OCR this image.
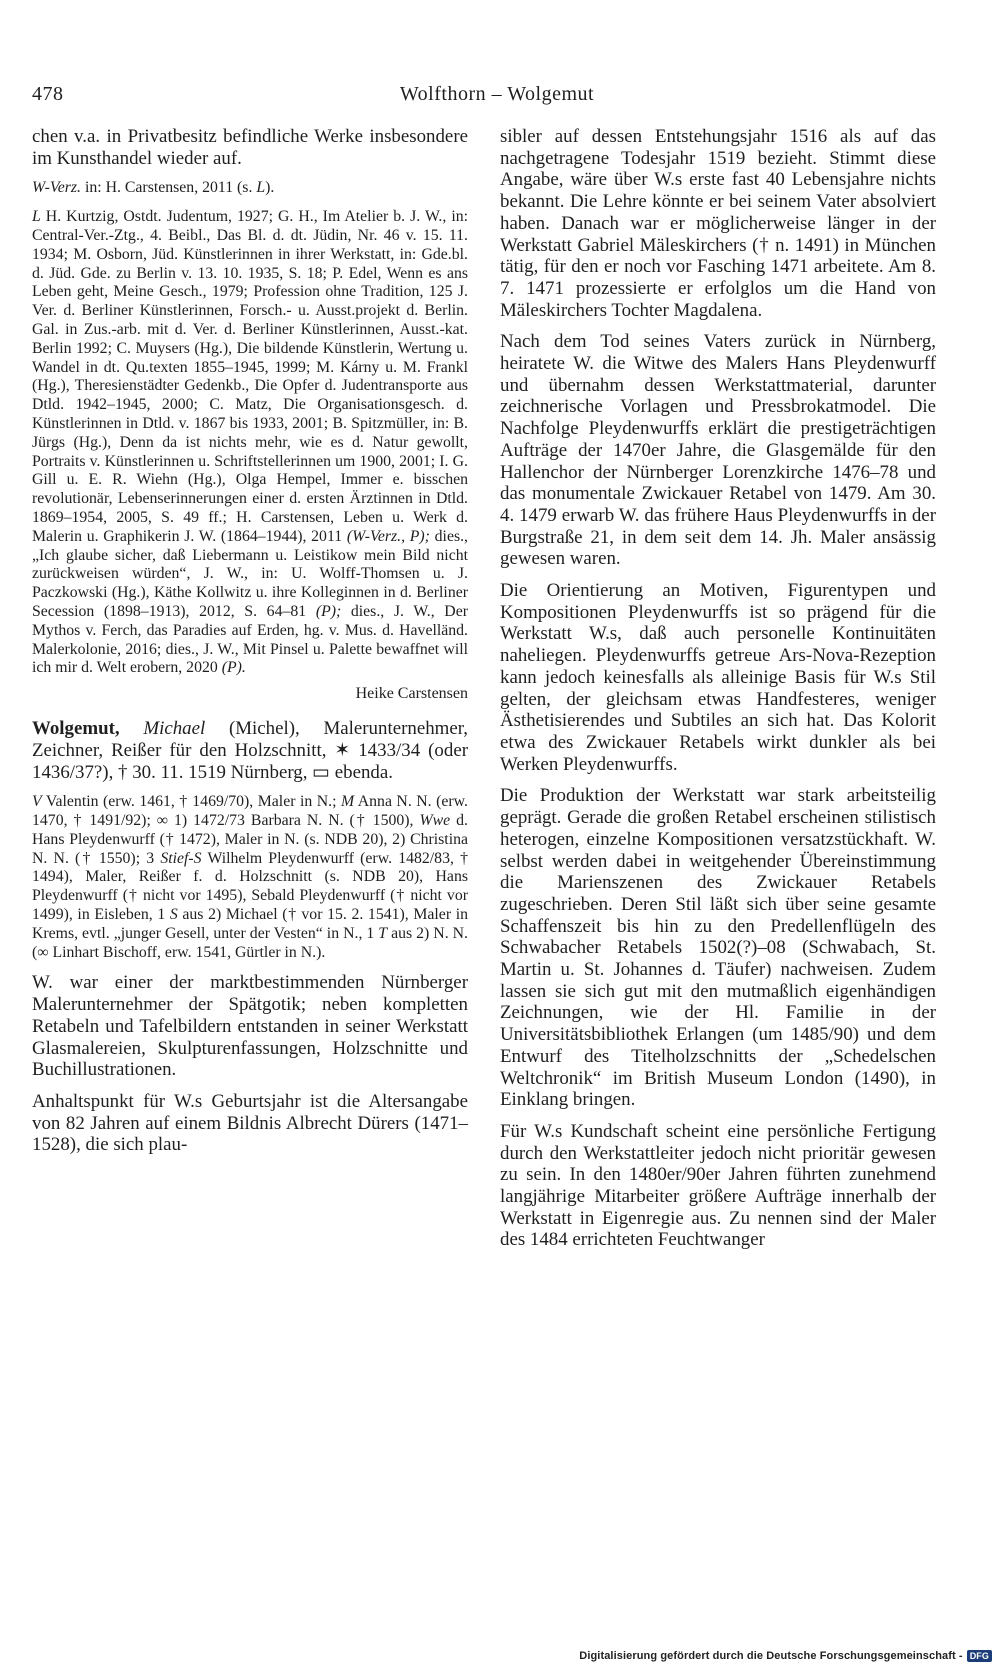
478	Wolfthorn – Wolgemut

chen v.a. in Privatbesitz befindliche Werke insbesondere im Kunsthandel wieder auf.

W-Verz. in: H. Carstensen, 2011 (s. L).

L H. Kurtzig, Ostdt. Judentum, 1927; G. H., Im Atelier b. J. W., in: Central-Ver.-Ztg., 4. Beibl., Das Bl. d. dt. Jüdin, Nr. 46 v. 15. 11. 1934; M. Osborn, Jüd. Künstlerinnen in ihrer Werkstatt, in: Gde.bl. d. Jüd. Gde. zu Berlin v. 13. 10. 1935, S. 18; P. Edel, Wenn es ans Leben geht, Meine Gesch., 1979; Profession ohne Tradition, 125 J. Ver. d. Berliner Künstlerinnen, Forsch.- u. Ausst.projekt d. Berlin. Gal. in Zus.-arb. mit d. Ver. d. Berliner Künstlerinnen, Ausst.-kat. Berlin 1992; C. Muysers (Hg.), Die bildende Künstlerin, Wertung u. Wandel in dt. Qu.texten 1855–1945, 1999; M. Kárny u. M. Frankl (Hg.), Theresienstädter Gedenkb., Die Opfer d. Judentransporte aus Dtld. 1942–1945, 2000; C. Matz, Die Organisationsgesch. d. Künstlerinnen in Dtld. v. 1867 bis 1933, 2001; B. Spitzmüller, in: B. Jürgs (Hg.), Denn da ist nichts mehr, wie es d. Natur gewollt, Portraits v. Künstlerinnen u. Schriftstellerinnen um 1900, 2001; I. G. Gill u. E. R. Wiehn (Hg.), Olga Hempel, Immer e. bisschen revolutionär, Lebenserinnerungen einer d. ersten Ärztinnen in Dtld. 1869–1954, 2005, S. 49 ff.; H. Carstensen, Leben u. Werk d. Malerin u. Graphikerin J. W. (1864–1944), 2011 (W-Verz., P); dies., „Ich glaube sicher, daß Liebermann u. Leistikow mein Bild nicht zurückweisen würden“, J. W., in: U. Wolff-Thomsen u. J. Paczkowski (Hg.), Käthe Kollwitz u. ihre Kolleginnen in d. Berliner Secession (1898–1913), 2012, S. 64–81 (P); dies., J. W., Der Mythos v. Ferch, das Paradies auf Erden, hg. v. Mus. d. Havelländ. Malerkolonie, 2016; dies., J. W., Mit Pinsel u. Palette bewaffnet will ich mir d. Welt erobern, 2020 (P).

Heike Carstensen

Wolgemut, Michael (Michel), Malerunternehmer, Zeichner, Reißer für den Holzschnitt, ✶ 1433/34 (oder 1436/37?), † 30. 11. 1519 Nürnberg, ▭ ebenda.

V Valentin (erw. 1461, † 1469/70), Maler in N.; M Anna N. N. (erw. 1470, † 1491/92); ∞ 1) 1472/73 Barbara N. N. († 1500), Wwe d. Hans Pleydenwurff († 1472), Maler in N. (s. NDB 20), 2) Christina N. N. († 1550); 3 Stief-S Wilhelm Pleydenwurff (erw. 1482/83, † 1494), Maler, Reißer f. d. Holzschnitt (s. NDB 20), Hans Pleydenwurff († nicht vor 1495), Sebald Pleydenwurff († nicht vor 1499), in Eisleben, 1 S aus 2) Michael († vor 15. 2. 1541), Maler in Krems, evtl. „junger Gesell, unter der Vesten“ in N., 1 T aus 2) N. N. (∞ Linhart Bischoff, erw. 1541, Gürtler in N.).

W. war einer der marktbestimmenden Nürnberger Malerunternehmer der Spätgotik; neben kompletten Retabeln und Tafelbildern entstanden in seiner Werkstatt Glasmalereien, Skulpturenfassungen, Holzschnitte und Buchillustrationen.

Anhaltspunkt für W.s Geburtsjahr ist die Altersangabe von 82 Jahren auf einem Bildnis Albrecht Dürers (1471–1528), die sich plau-

sibler auf dessen Entstehungsjahr 1516 als auf das nachgetragene Todesjahr 1519 bezieht. Stimmt diese Angabe, wäre über W.s erste fast 40 Lebensjahre nichts bekannt. Die Lehre könnte er bei seinem Vater absolviert haben. Danach war er möglicherweise länger in der Werkstatt Gabriel Mäleskirchers († n. 1491) in München tätig, für den er noch vor Fasching 1471 arbeitete. Am 8. 7. 1471 prozessierte er erfolglos um die Hand von Mäleskirchers Tochter Magdalena.

Nach dem Tod seines Vaters zurück in Nürnberg, heiratete W. die Witwe des Malers Hans Pleydenwurff und übernahm dessen Werkstattmaterial, darunter zeichnerische Vorlagen und Pressbrokatmodel. Die Nachfolge Pleydenwurffs erklärt die prestigeträchtigen Aufträge der 1470er Jahre, die Glasgemälde für den Hallenchor der Nürnberger Lorenzkirche 1476–78 und das monumentale Zwickauer Retabel von 1479. Am 30. 4. 1479 erwarb W. das frühere Haus Pleydenwurffs in der Burgstraße 21, in dem seit dem 14. Jh. Maler ansässig gewesen waren.

Die Orientierung an Motiven, Figurentypen und Kompositionen Pleydenwurffs ist so prägend für die Werkstatt W.s, daß auch personelle Kontinuitäten naheliegen. Pleydenwurffs getreue Ars-Nova-Rezeption kann jedoch keinesfalls als alleinige Basis für W.s Stil gelten, der gleichsam etwas Handfesteres, weniger Ästhetisierendes und Subtiles an sich hat. Das Kolorit etwa des Zwickauer Retabels wirkt dunkler als bei Werken Pleydenwurffs.

Die Produktion der Werkstatt war stark arbeitsteilig geprägt. Gerade die großen Retabel erscheinen stilistisch heterogen, einzelne Kompositionen versatzstückhaft. W. selbst werden dabei in weitgehender Übereinstimmung die Marienszenen des Zwickauer Retabels zugeschrieben. Deren Stil läßt sich über seine gesamte Schaffenszeit bis hin zu den Predellenflügeln des Schwabacher Retabels 1502(?)–08 (Schwabach, St. Martin u. St. Johannes d. Täufer) nachweisen. Zudem lassen sie sich gut mit den mutmaßlich eigenhändigen Zeichnungen, wie der Hl. Familie in der Universitätsbibliothek Erlangen (um 1485/90) und dem Entwurf des Titelholzschnitts der „Schedelschen Weltchronik“ im British Museum London (1490), in Einklang bringen.

Für W.s Kundschaft scheint eine persönliche Fertigung durch den Werkstattleiter jedoch nicht prioritär gewesen zu sein. In den 1480er/90er Jahren führten zunehmend langjährige Mitarbeiter größere Aufträge innerhalb der Werkstatt in Eigenregie aus. Zu nennen sind der Maler des 1484 errichteten Feuchtwanger

Digitalisierung gefördert durch die Deutsche Forschungsgemeinschaft - DFG
